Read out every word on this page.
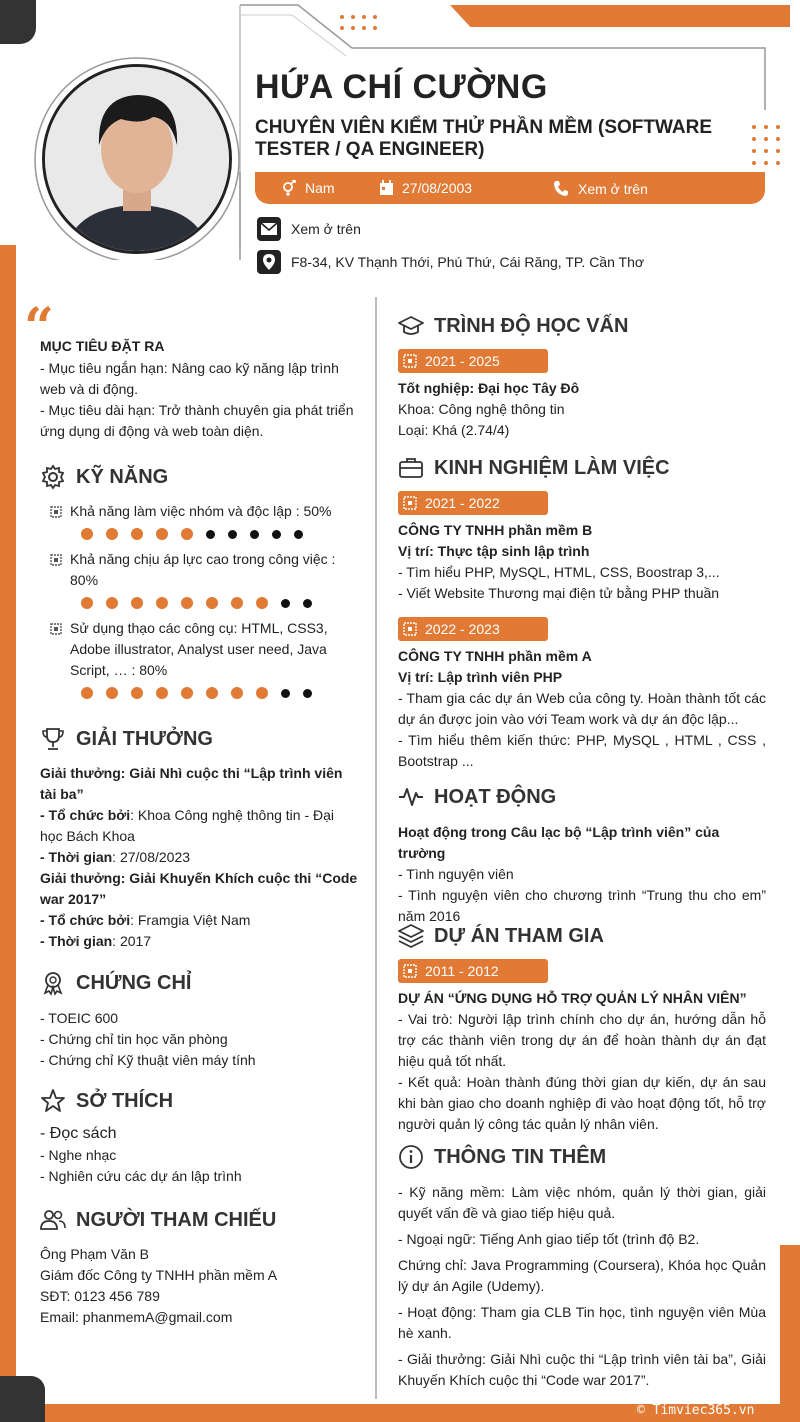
HỨA CHÍ CƯỜNG
CHUYÊN VIÊN KIỂM THỬ PHẦN MỀM (SOFTWARE TESTER / QA ENGINEER)
Nam	27/08/2003	Xem ở trên
Xem ở trên
F8-34, KV Thạnh Thới, Phú Thứ, Cái Răng, TP. Cần Thơ
“
MỤC TIÊU ĐẶT RA
- Mục tiêu ngắn hạn: Nâng cao kỹ năng lập trình web và di động.
- Mục tiêu dài hạn: Trở thành chuyên gia phát triển ứng dụng di động và web toàn diện.
KỸ NĂNG
Khả năng làm việc nhóm và độc lập : 50%
Khả năng chịu áp lực cao trong công việc : 80%
Sử dụng thạo các công cụ: HTML, CSS3, Adobe illustrator, Analyst user need, Java Script, … : 80%
GIẢI THƯỞNG
Giải thưởng: Giải Nhì cuộc thi “Lập trình viên tài ba”
- Tổ chức bởi: Khoa Công nghệ thông tin - Đại học Bách Khoa
- Thời gian: 27/08/2023
Giải thưởng: Giải Khuyến Khích cuộc thi “Code war 2017”
- Tổ chức bởi: Framgia Việt Nam
- Thời gian: 2017
CHỨNG CHỈ
- TOEIC 600
- Chứng chỉ tin học văn phòng
- Chứng chỉ Kỹ thuật viên máy tính
SỞ THÍCH
- Đọc sách
- Nghe nhạc
- Nghiên cứu các dự án lập trình
NGƯỜI THAM CHIẾU
Ông Phạm Văn B
Giám đốc Công ty TNHH phần mềm A
SĐT: 0123 456 789
Email: phanmemA@gmail.com
TRÌNH ĐỘ HỌC VẤN
2021 - 2025
Tốt nghiệp: Đại học Tây Đô
Khoa: Công nghệ thông tin
Loại: Khá (2.74/4)
KINH NGHIỆM LÀM VIỆC
2021 - 2022
CÔNG TY TNHH phần mềm B
Vị trí: Thực tập sinh lập trình
- Tìm hiểu PHP, MySQL, HTML, CSS, Boostrap 3,...
- Viết Website Thương mại điện tử bằng PHP thuần
2022 - 2023
CÔNG TY TNHH phần mềm A
Vị trí: Lập trình viên PHP
- Tham gia các dự án Web của công ty. Hoàn thành tốt các dự án được join vào với Team work và dự án độc lập...
- Tìm hiểu thêm kiến thức: PHP, MySQL , HTML , CSS , Bootstrap ...
HOẠT ĐỘNG
Hoạt động trong Câu lạc bộ “Lập trình viên” của trường
- Tình nguyện viên
- Tình nguyện viên cho chương trình “Trung thu cho em” năm 2016
DỰ ÁN THAM GIA
2011 - 2012
DỰ ÁN “ỨNG DỤNG HỖ TRỢ QUẢN LÝ NHÂN VIÊN”
- Vai trò: Người lập trình chính cho dự án, hướng dẫn hỗ trợ các thành viên trong dự án để hoàn thành dự án đạt hiệu quả tốt nhất.
- Kết quả: Hoàn thành đúng thời gian dự kiến, dự án sau khi bàn giao cho doanh nghiệp đi vào hoạt động tốt, hỗ trợ người quản lý công tác quản lý nhân viên.
THÔNG TIN THÊM
- Kỹ năng mềm: Làm việc nhóm, quản lý thời gian, giải quyết vấn đề và giao tiếp hiệu quả.
- Ngoại ngữ: Tiếng Anh giao tiếp tốt (trình độ B2.
Chứng chỉ: Java Programming (Coursera), Khóa học Quản lý dự án Agile (Udemy).
- Hoạt động: Tham gia CLB Tin học, tình nguyện viên Mùa hè xanh.
- Giải thưởng: Giải Nhì cuộc thi “Lập trình viên tài ba”, Giải Khuyến Khích cuộc thi “Code war 2017”.
© Timviec365.vn
